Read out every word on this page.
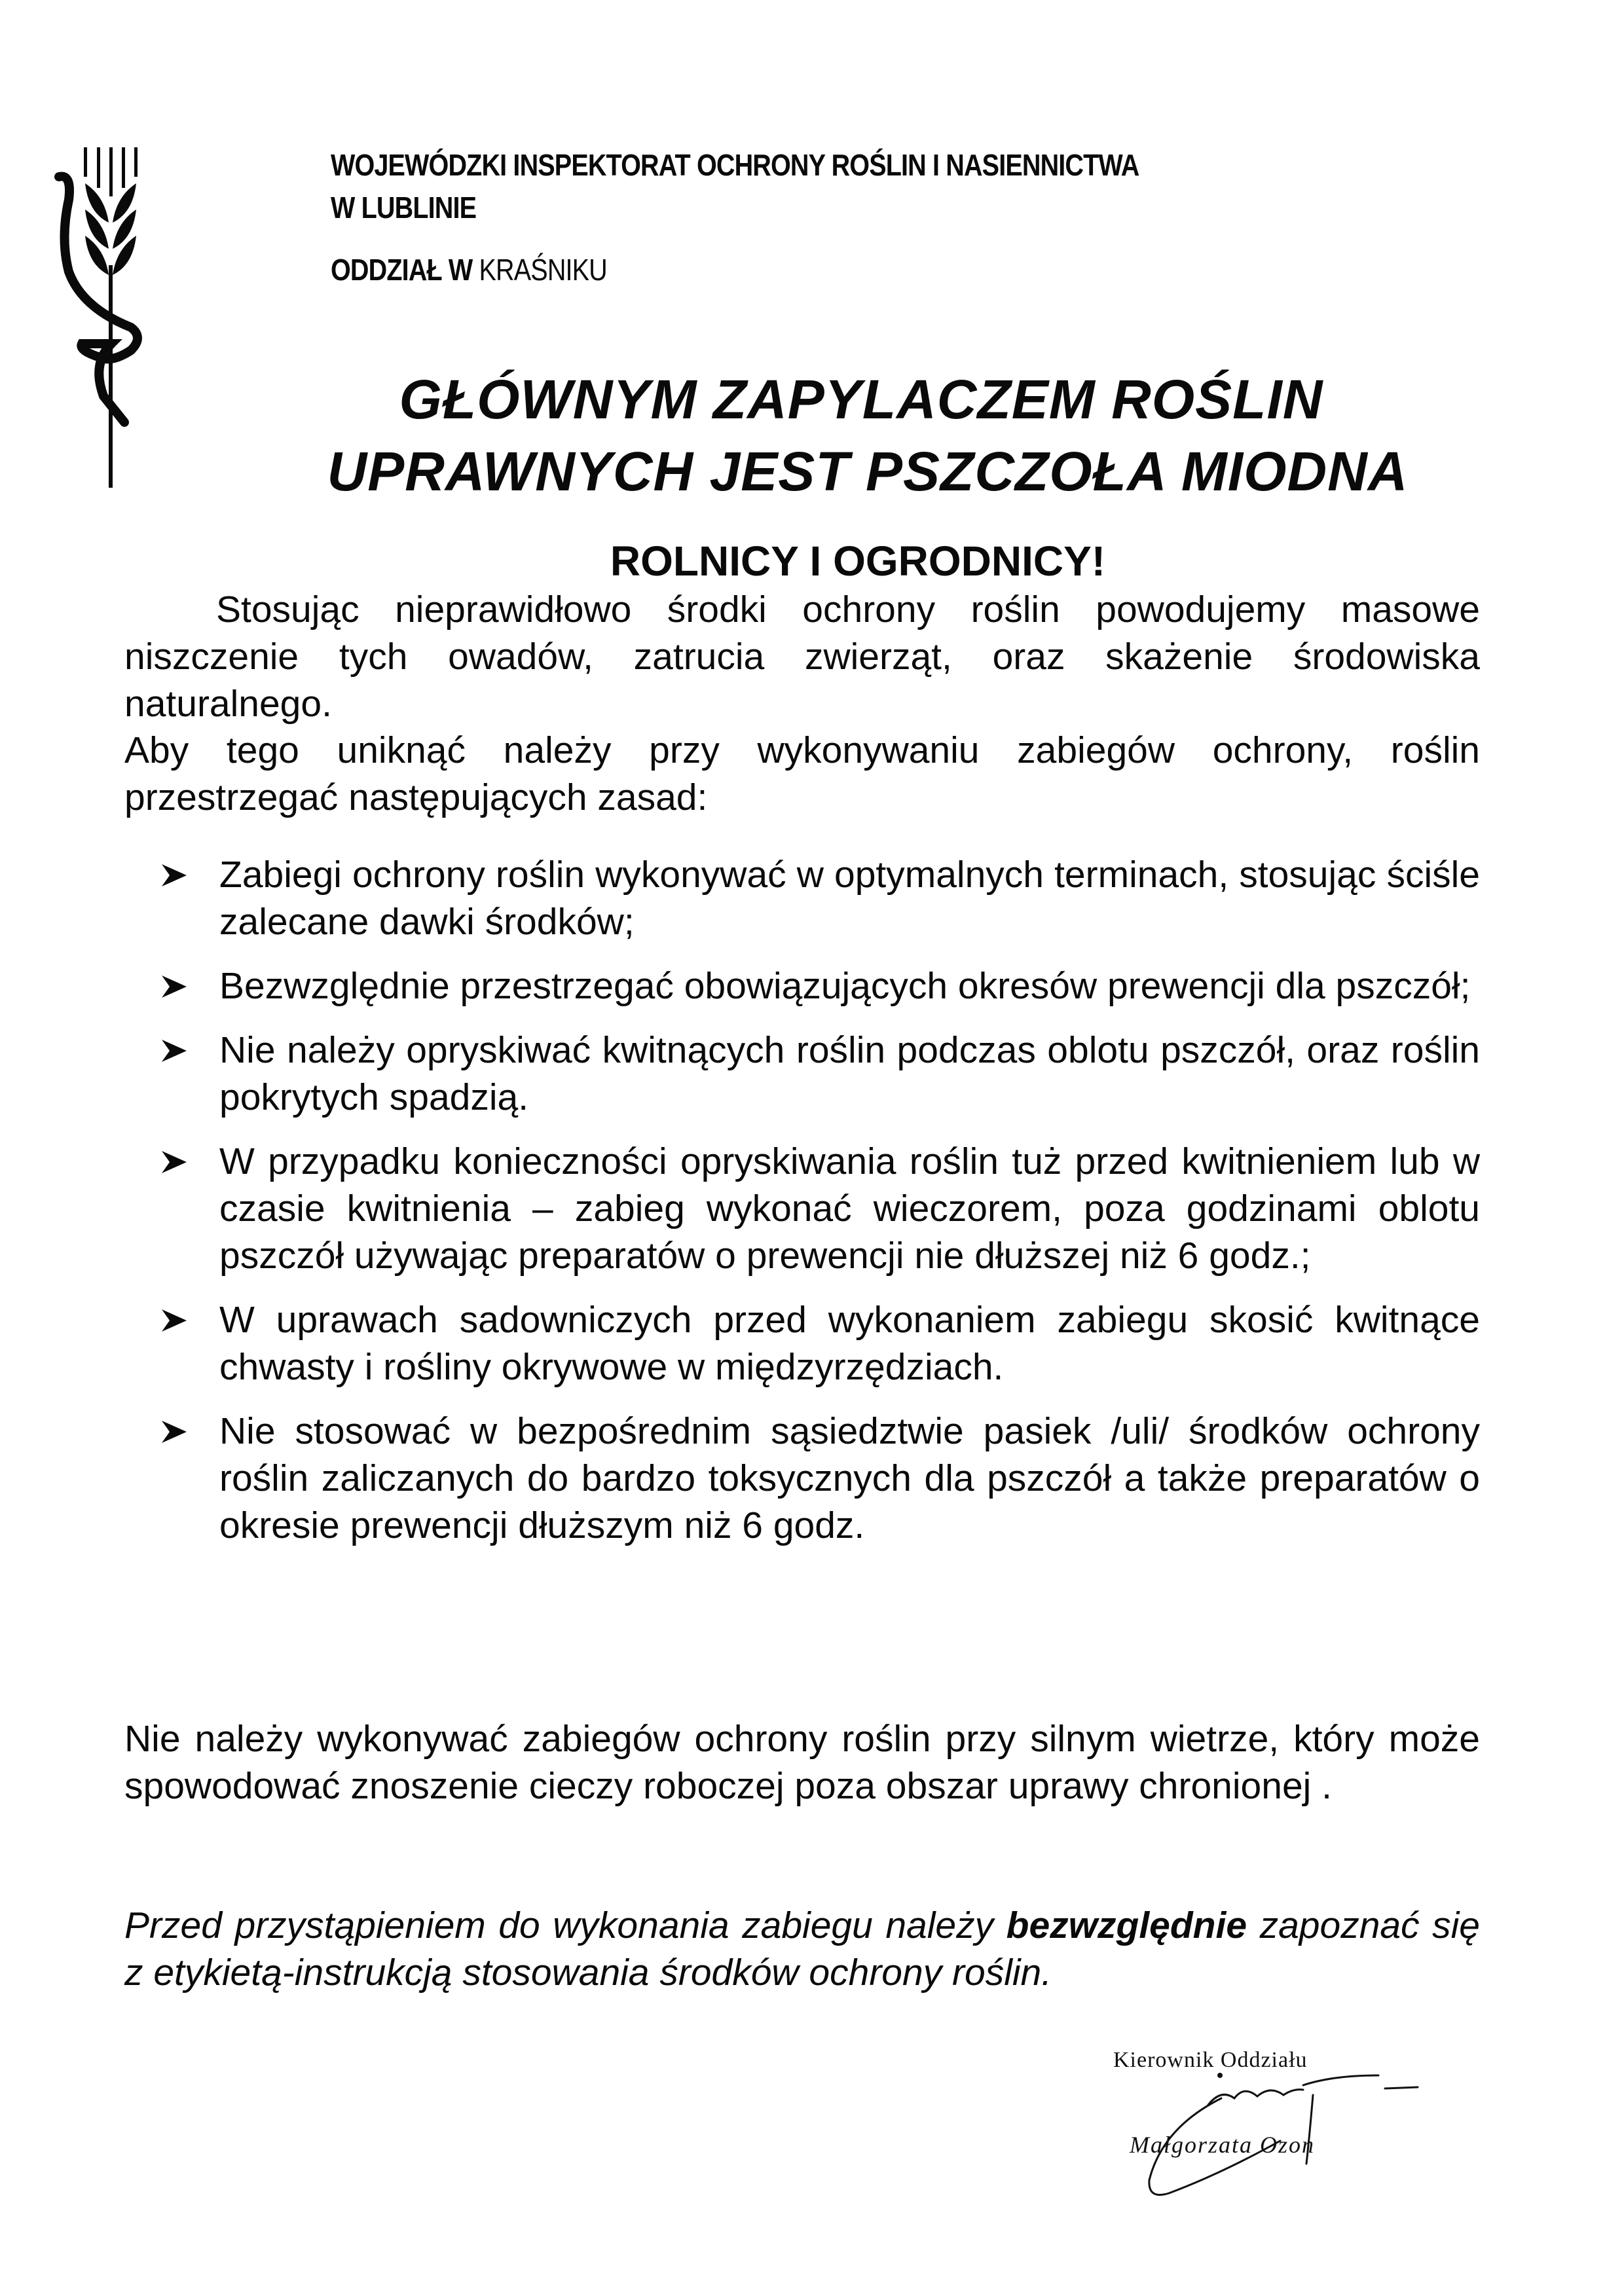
WOJEWÓDZKI INSPEKTORAT OCHRONY ROŚLIN I NASIENNICTWA
W LUBLINIE
ODDZIAŁ W KRAŚNIKU
GŁÓWNYM ZAPYLACZEM ROŚLIN
UPRAWNYCH JEST PSZCZOŁA MIODNA
ROLNICY I OGRODNICY!
Stosując nieprawidłowo środki ochrony roślin powodujemy masowe niszczenie tych owadów, zatrucia zwierząt, oraz skażenie środowiska naturalnego.
Aby tego uniknąć należy przy wykonywaniu zabiegów ochrony, roślin przestrzegać następujących zasad:
Zabiegi ochrony roślin wykonywać w optymalnych terminach, stosując ściśle zalecane dawki środków;
Bezwzględnie przestrzegać obowiązujących okresów prewencji dla pszczół;
Nie należy opryskiwać kwitnących roślin podczas oblotu pszczół, oraz roślin pokrytych spadzią.
W przypadku konieczności opryskiwania roślin tuż przed kwitnieniem lub w czasie kwitnienia – zabieg wykonać wieczorem, poza godzinami oblotu pszczół używając preparatów o prewencji nie dłuższej niż 6 godz.;
W uprawach sadowniczych przed wykonaniem zabiegu skosić kwitnące chwasty i rośliny okrywowe w międzyrzędziach.
Nie stosować w bezpośrednim sąsiedztwie pasiek /uli/ środków ochrony roślin zaliczanych do bardzo toksycznych dla pszczół a także preparatów o okresie prewencji dłuższym niż 6 godz.
Nie należy wykonywać zabiegów ochrony roślin przy silnym wietrze, który może spowodować znoszenie cieczy roboczej poza obszar uprawy chronionej .
Przed przystąpieniem do wykonania zabiegu należy bezwzględnie zapoznać się z etykietą-instrukcją stosowania środków ochrony roślin.
Kierownik Oddziału
Małgorzata Ozon
